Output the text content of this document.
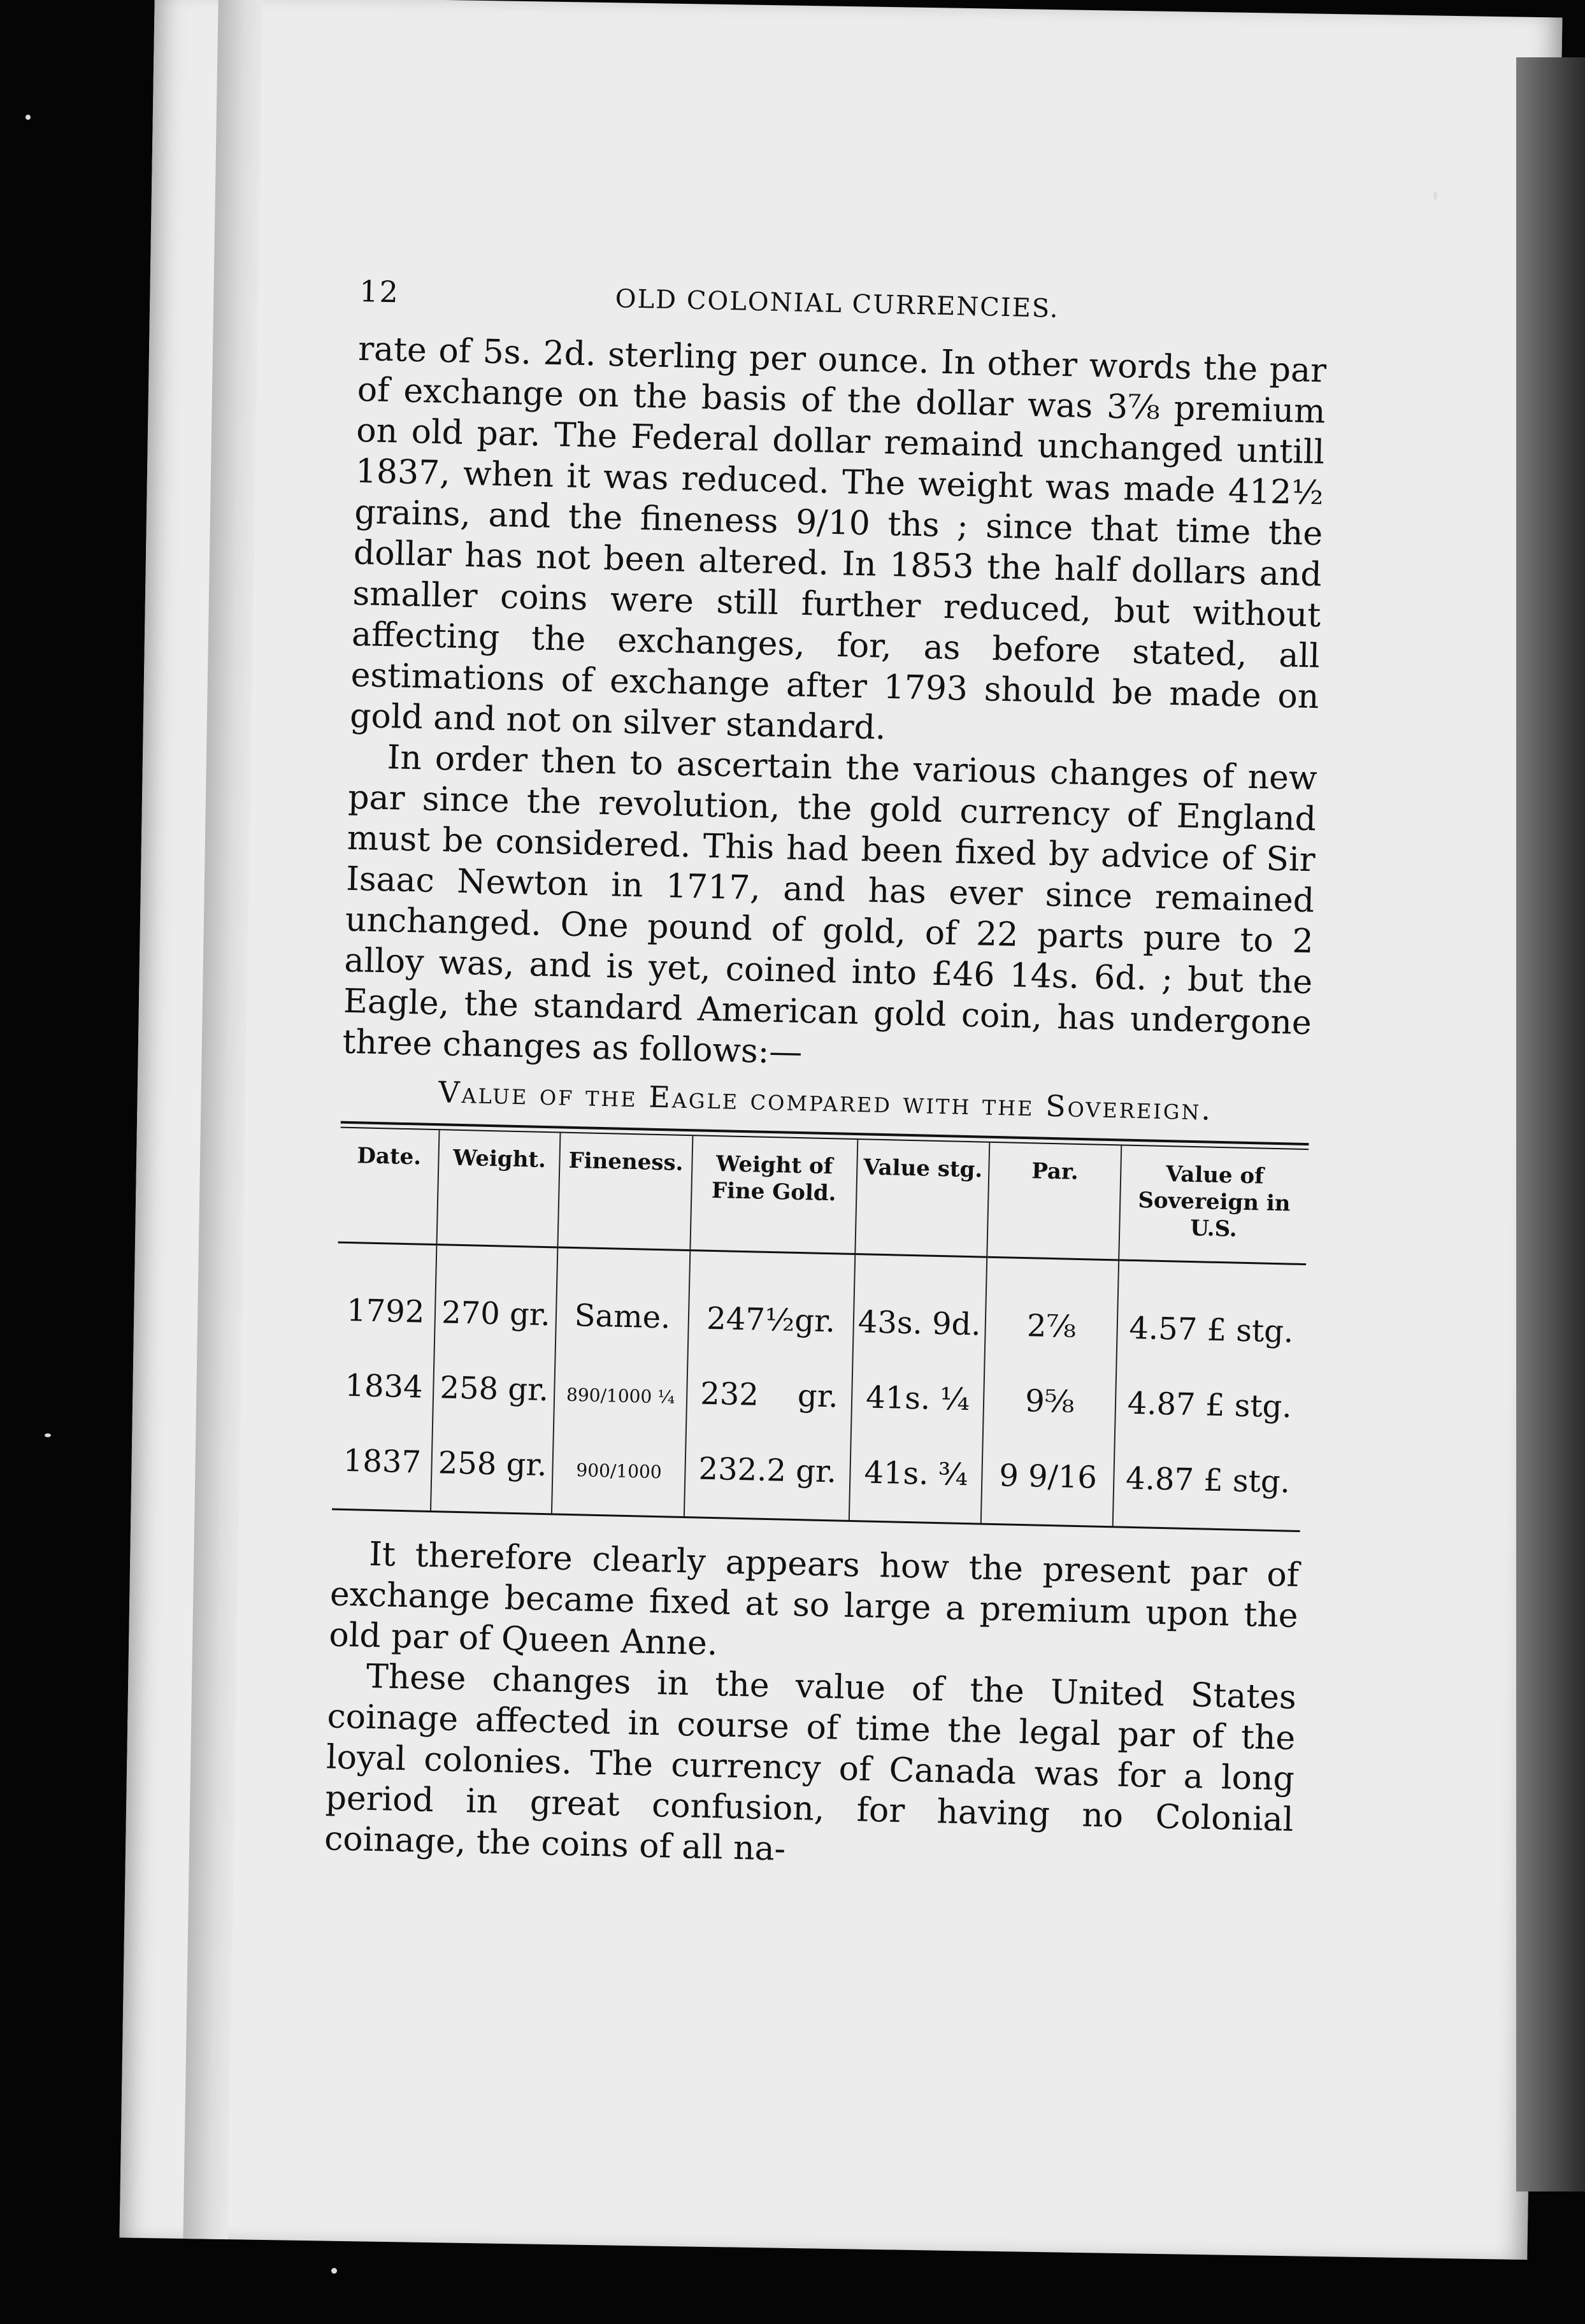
12	OLD COLONIAL CURRENCIES.

rate of 5s. 2d. sterling per ounce. In other words the par of exchange on the basis of the dollar was 3⅞ premium on old par. The Federal dollar remaind unchanged untill 1837, when it was reduced. The weight was made 412½ grains, and the fineness 9/10 ths ; since that time the dollar has not been altered. In 1853 the half dollars and smaller coins were still further reduced, but without affecting the exchanges, for, as before stated, all estimations of exchange after 1793 should be made on gold and not on silver standard.

In order then to ascertain the various changes of new par since the revolution, the gold currency of England must be considered. This had been fixed by advice of Sir Isaac Newton in 1717, and has ever since remained unchanged. One pound of gold, of 22 parts pure to 2 alloy was, and is yet, coined into £46 14s. 6d. ; but the Eagle, the standard American gold coin, has undergone three changes as follows:—

Value of the Eagle compared with the Sovereign.
Date.	Weight.	Fineness.	Weight of Fine Gold.	Value stg.	Par.	Value of Sovereign in U.S.
1792	270 gr.	Same.	247½gr.	43s. 9d.	2⅞	4.57 £ stg.
1834	258 gr.	890/1000 ¼	232    gr.	41s. ¼	9⅝	4.87 £ stg.
1837	258 gr.	900/1000	232.2 gr.	41s. ¾	9 9/16	4.87 £ stg.

It therefore clearly appears how the present par of exchange became fixed at so large a premium upon the old par of Queen Anne.

These changes in the value of the United States coinage affected in course of time the legal par of the loyal colonies. The currency of Canada was for a long period in great confusion, for having no Colonial coinage, the coins of all na-
